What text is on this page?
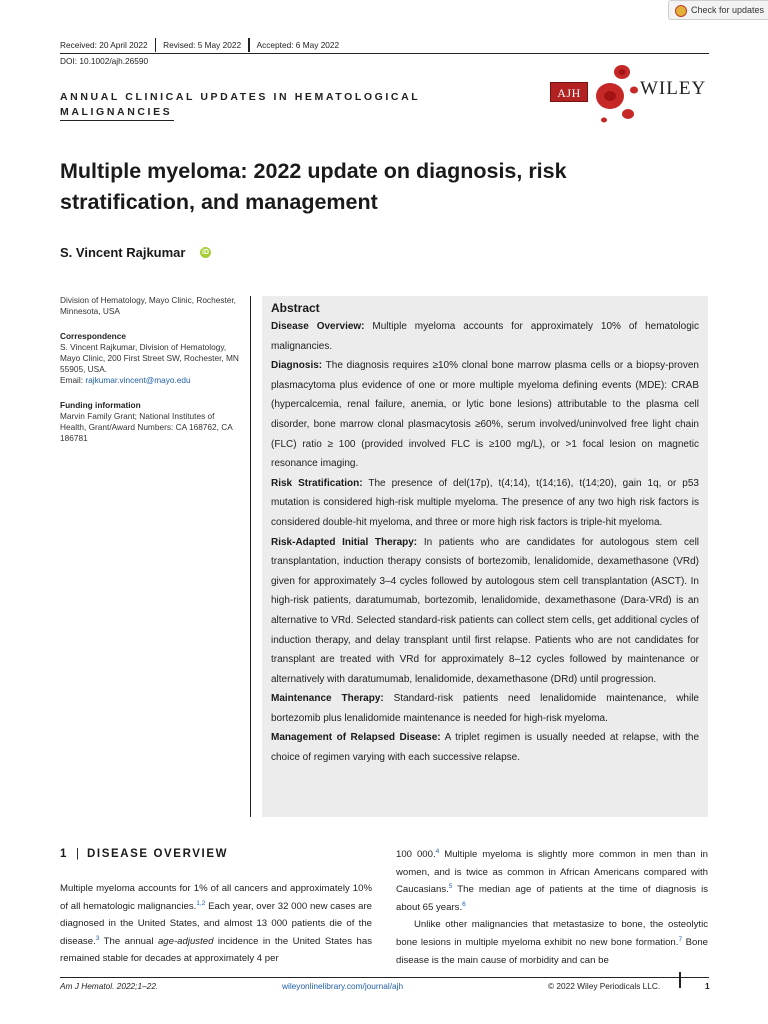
Check for updates
Received: 20 April 2022 Revised: 5 May 2022 Accepted: 6 May 2022
DOI: 10.1002/ajh.26590
ANNUAL CLINICAL UPDATES IN HEMATOLOGICAL MALIGNANCIES
AJH	WILEY
Multiple myeloma: 2022 update on diagnosis, risk stratification, and management
S. Vincent Rajkumar iD
Division of Hematology, Mayo Clinic, Rochester, Minnesota, USA
Correspondence
S. Vincent Rajkumar, Division of Hematology, Mayo Clinic, 200 First Street SW, Rochester, MN 55905, USA.
Email: rajkumar.vincent@mayo.edu
Funding information
Marvin Family Grant; National Institutes of Health, Grant/Award Numbers: CA 168762, CA 186781
Abstract

Disease Overview: Multiple myeloma accounts for approximately 10% of hematologic malignancies.

Diagnosis: The diagnosis requires ≥10% clonal bone marrow plasma cells or a biopsy-proven plasmacytoma plus evidence of one or more multiple myeloma defining events (MDE): CRAB (hypercalcemia, renal failure, anemia, or lytic bone lesions) attributable to the plasma cell disorder, bone marrow clonal plasmacytosis ≥60%, serum involved/uninvolved free light chain (FLC) ratio ≥ 100 (provided involved FLC is ≥100 mg/L), or >1 focal lesion on magnetic resonance imaging.

Risk Stratification: The presence of del(17p), t(4;14), t(14;16), t(14;20), gain 1q, or p53 mutation is considered high-risk multiple myeloma. The presence of any two high risk factors is considered double-hit myeloma, and three or more high risk factors is triple-hit myeloma.

Risk-Adapted Initial Therapy: In patients who are candidates for autologous stem cell transplantation, induction therapy consists of bortezomib, lenalidomide, dexamethasone (VRd) given for approximately 3–4 cycles followed by autologous stem cell transplantation (ASCT). In high-risk patients, daratumumab, bortezomib, lenalidomide, dexamethasone (Dara-VRd) is an alternative to VRd. Selected standard-risk patients can collect stem cells, get additional cycles of induction therapy, and delay transplant until first relapse. Patients who are not candidates for transplant are treated with VRd for approximately 8–12 cycles followed by maintenance or alternatively with daratumumab, lenalidomide, dexamethasone (DRd) until progression.

Maintenance Therapy: Standard-risk patients need lenalidomide maintenance, while bortezomib plus lenalidomide maintenance is needed for high-risk myeloma.

Management of Relapsed Disease: A triplet regimen is usually needed at relapse, with the choice of regimen varying with each successive relapse.

1 | DISEASE OVERVIEW

Multiple myeloma accounts for 1% of all cancers and approximately 10% of all hematologic malignancies.$^{1,2}$ Each year, over 32 000 new cases are diagnosed in the United States, and almost 13 000 patients die of the disease.$^3$ The annual age-adjusted incidence in the United States has remained stable for decades at approximately 4 per

100 000.$^4$ Multiple myeloma is slightly more common in men than in women, and is twice as common in African Americans compared with Caucasians.$^5$ The median age of patients at the time of diagnosis is about 65 years.$^6$

Unlike other malignancies that metastasize to bone, the osteolytic bone lesions in multiple myeloma exhibit no new bone formation.$^7$ Bone disease is the main cause of morbidity and can be

Am J Hematol. 2022;1–22.	wileyonlinelibrary.com/journal/ajh	© 2022 Wiley Periodicals LLC.	1
